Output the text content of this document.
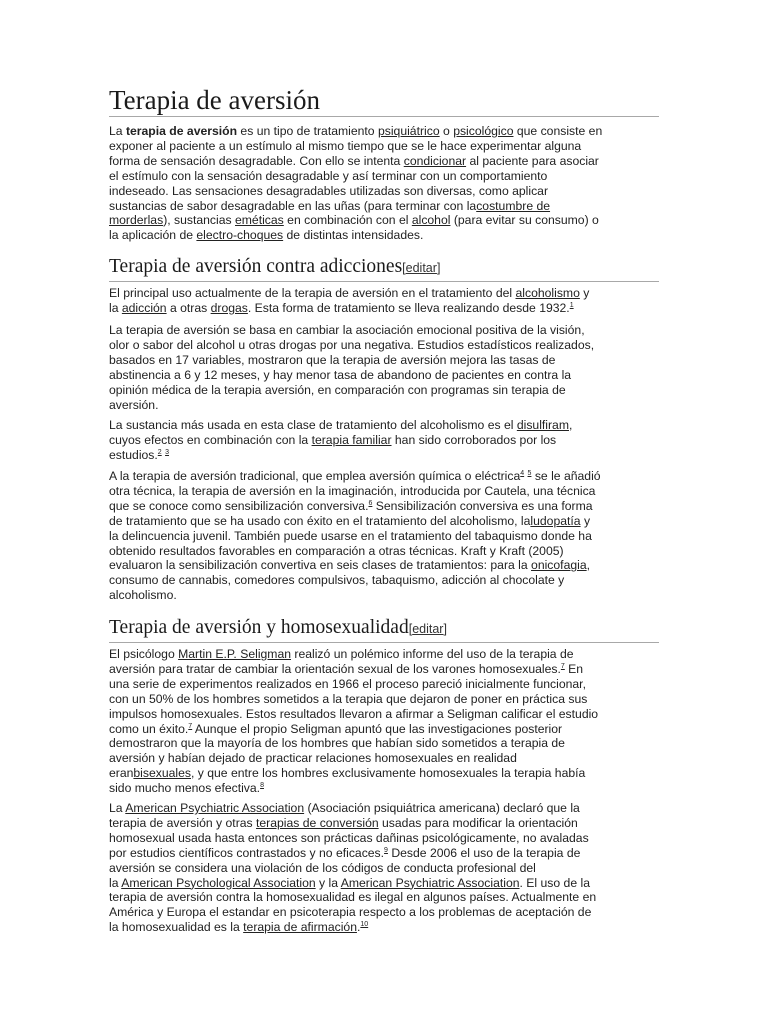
Terapia de aversión

La terapia de aversión es un tipo de tratamiento psiquiátrico o psicológico que consiste en
exponer al paciente a un estímulo al mismo tiempo que se le hace experimentar alguna
forma de sensación desagradable. Con ello se intenta condicionar al paciente para asociar
el estímulo con la sensación desagradable y así terminar con un comportamiento
indeseado. Las sensaciones desagradables utilizadas son diversas, como aplicar
sustancias de sabor desagradable en las uñas (para terminar con lacostumbre de
morderlas), sustancias eméticas en combinación con el alcohol (para evitar su consumo) o
la aplicación de electro-choques de distintas intensidades.

Terapia de aversión contra adicciones[editar]

El principal uso actualmente de la terapia de aversión en el tratamiento del alcoholismo y
la adicción a otras drogas. Esta forma de tratamiento se lleva realizando desde 1932.$^1$

La terapia de aversión se basa en cambiar la asociación emocional positiva de la visión,
olor o sabor del alcohol u otras drogas por una negativa. Estudios estadísticos realizados,
basados en 17 variables, mostraron que la terapia de aversión mejora las tasas de
abstinencia a 6 y 12 meses, y hay menor tasa de abandono de pacientes en contra la
opinión médica de la terapia aversión, en comparación con programas sin terapia de
aversión.

La sustancia más usada en esta clase de tratamiento del alcoholismo es el disulfiram,
cuyos efectos en combinación con la terapia familiar han sido corroborados por los
estudios.$^2$ $^3$

A la terapia de aversión tradicional, que emplea aversión química o eléctrica$^4$ $^5$ se le añadió
otra técnica, la terapia de aversión en la imaginación, introducida por Cautela, una técnica
que se conoce como sensibilización conversiva.$^6$ Sensibilización conversiva es una forma
de tratamiento que se ha usado con éxito en el tratamiento del alcoholismo, laludopatía y
la delincuencia juvenil. También puede usarse en el tratamiento del tabaquismo donde ha
obtenido resultados favorables en comparación a otras técnicas. Kraft y Kraft (2005)
evaluaron la sensibilización convertiva en seis clases de tratamientos: para la onicofagia,
consumo de cannabis, comedores compulsivos, tabaquismo, adicción al chocolate y
alcoholismo.

Terapia de aversión y homosexualidad[editar]

El psicólogo Martin E.P. Seligman realizó un polémico informe del uso de la terapia de
aversión para tratar de cambiar la orientación sexual de los varones homosexuales.$^7$ En
una serie de experimentos realizados en 1966 el proceso pareció inicialmente funcionar,
con un 50% de los hombres sometidos a la terapia que dejaron de poner en práctica sus
impulsos homosexuales. Estos resultados llevaron a afirmar a Seligman calificar el estudio
como un éxito.$^7$ Aunque el propio Seligman apuntó que las investigaciones posterior
demostraron que la mayoría de los hombres que habían sido sometidos a terapia de
aversión y habían dejado de practicar relaciones homosexuales en realidad
eranbisexuales, y que entre los hombres exclusivamente homosexuales la terapia había
sido mucho menos efectiva.$^8$

La American Psychiatric Association (Asociación psiquiátrica americana) declaró que la
terapia de aversión y otras terapias de conversión usadas para modificar la orientación
homosexual usada hasta entonces son prácticas dañinas psicológicamente, no avaladas
por estudios científicos contrastados y no eficaces.$^9$ Desde 2006 el uso de la terapia de
aversión se considera una violación de los códigos de conducta profesional del
la American Psychological Association y la American Psychiatric Association. El uso de la
terapia de aversión contra la homosexualidad es ilegal en algunos países. Actualmente en
América y Europa el estandar en psicoterapia respecto a los problemas de aceptación de
la homosexualidad es la terapia de afirmación.$^{10}$
